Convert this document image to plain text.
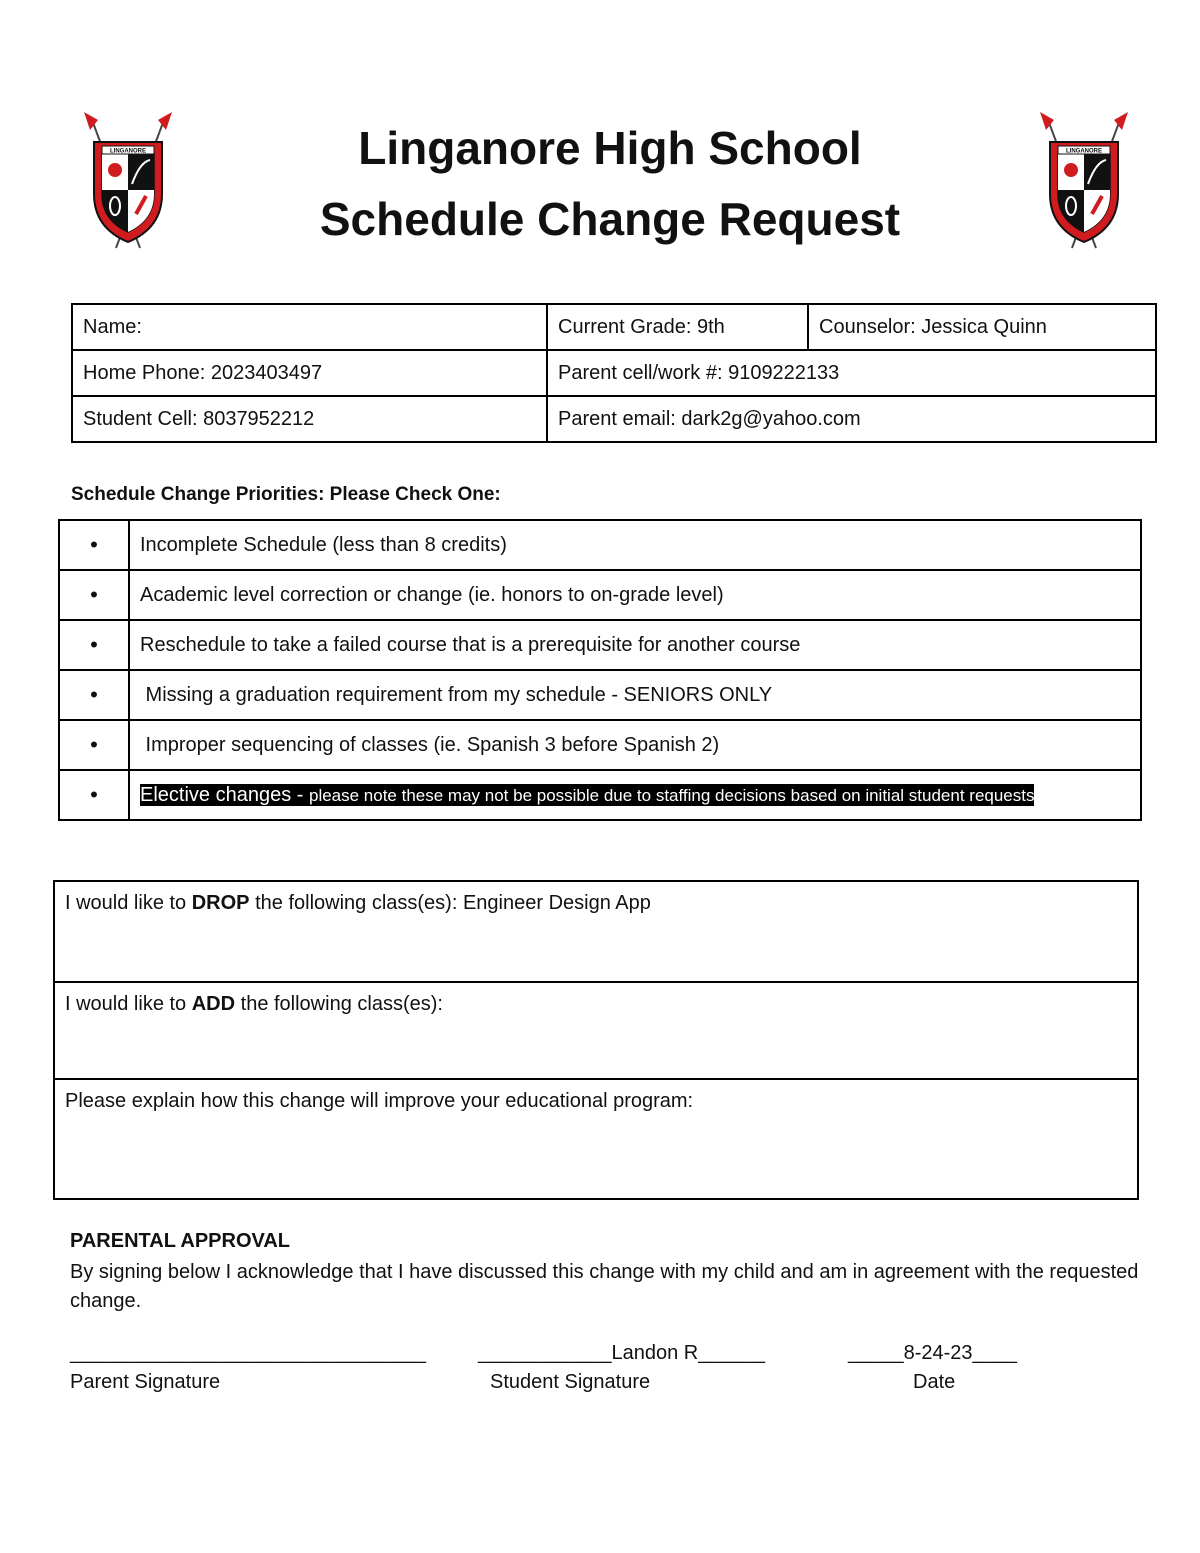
LINGANORE	LINGANORE
Linganore High School
Schedule Change Request
Name:	Current Grade: 9th	Counselor: Jessica Quinn
Home Phone: 2023403497	Parent cell/work #: 9109222133	
Student Cell: 8037952212	Parent email: dark2g@yahoo.com	
Schedule Change Priorities: Please Check One:
•	Incomplete Schedule (less than 8 credits)
•	Academic level correction or change (ie. honors to on-grade level)
•	Reschedule to take a failed course that is a prerequisite for another course
•	Missing a graduation requirement from my schedule - SENIORS ONLY
•	Improper sequencing of classes (ie. Spanish 3 before Spanish 2)
•	Elective changes - please note these may not be possible due to staffing decisions based on initial student requests
I would like to DROP the following class(es): Engineer Design App
I would like to ADD the following class(es):
Please explain how this change will improve your educational program:
PARENTAL APPROVAL
By signing below I acknowledge that I have discussed this change with my child and am in agreement with the requested change.
________________________________	____________Landon R______	_____8-24-23____
Parent Signature	Student Signature	Date
